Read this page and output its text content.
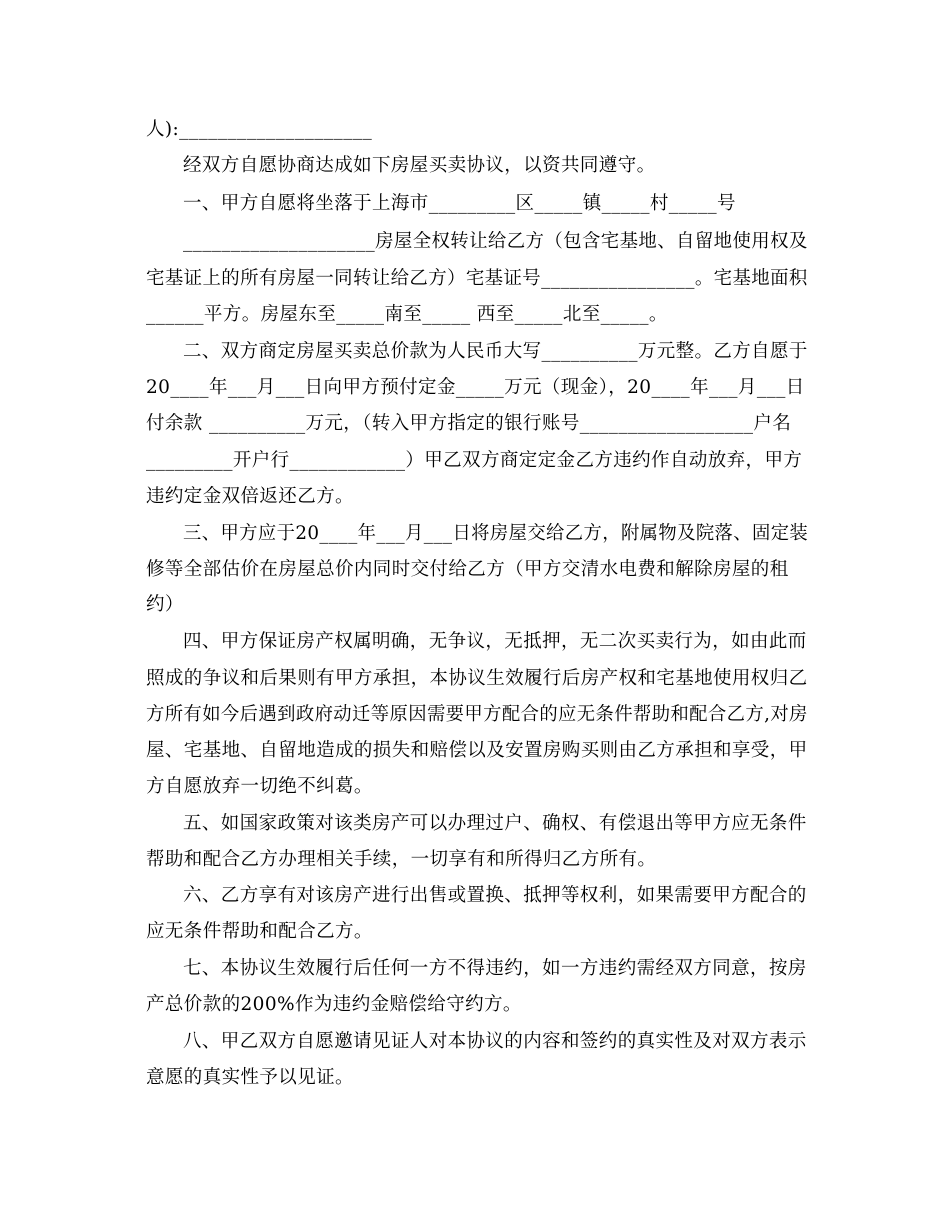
人):____________________
经双方自愿协商达成如下房屋买卖协议，以资共同遵守。
一、甲方自愿将坐落于上海市_________区_____镇_____村_____号
____________________房屋全权转让给乙方（包含宅基地、自留地使用权及
宅基证上的所有房屋一同转让给乙方）宅基证号________________。宅基地面积
______平方。房屋东至_____南至_____ 西至_____北至_____。
二、双方商定房屋买卖总价款为人民币大写__________万元整。乙方自愿于
20____年___月___日向甲方预付定金_____万元（现金），20____年___月___日
付余款 __________万元，（转入甲方指定的银行账号__________________户名
_________开户行____________）甲乙双方商定定金乙方违约作自动放弃，甲方
违约定金双倍返还乙方。
三、甲方应于20____年___月___日将房屋交给乙方，附属物及院落、固定装
修等全部估价在房屋总价内同时交付给乙方（甲方交清水电费和解除房屋的租
约）
四、甲方保证房产权属明确，无争议，无抵押，无二次买卖行为，如由此而
照成的争议和后果则有甲方承担，本协议生效履行后房产权和宅基地使用权归乙
方所有如今后遇到政府动迁等原因需要甲方配合的应无条件帮助和配合乙方,对房
屋、宅基地、自留地造成的损失和赔偿以及安置房购买则由乙方承担和享受，甲
方自愿放弃一切绝不纠葛。
五、如国家政策对该类房产可以办理过户、确权、有偿退出等甲方应无条件
帮助和配合乙方办理相关手续，一切享有和所得归乙方所有。
六、乙方享有对该房产进行出售或置换、抵押等权利，如果需要甲方配合的
应无条件帮助和配合乙方。
七、本协议生效履行后任何一方不得违约，如一方违约需经双方同意，按房
产总价款的200%作为违约金赔偿给守约方。
八、甲乙双方自愿邀请见证人对本协议的内容和签约的真实性及对双方表示
意愿的真实性予以见证。
